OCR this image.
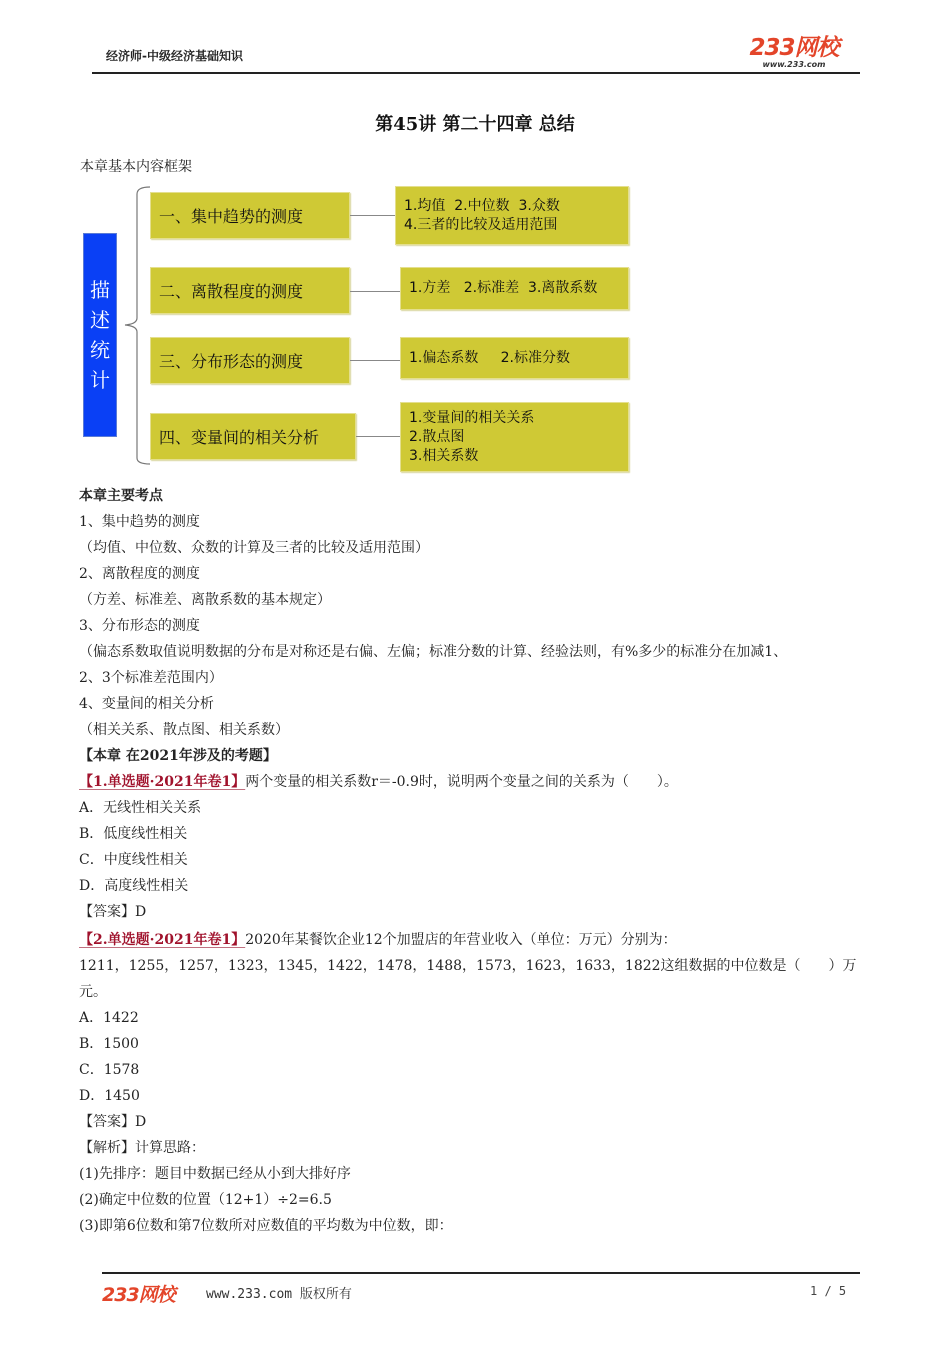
经济师-中级经济基础知识	233网校
www.233.com
第45讲 第二十四章 总结
本章基本内容框架
描
述
统
计
一、集中趋势的测度
1.均值  2.中位数  3.众数
4.三者的比较及适用范围
二、离散程度的测度	1.方差   2.标准差  3.离散系数
三、分布形态的测度	1.偏态系数     2.标准分数
四、变量间的相关分析
1.变量间的相关关系
2.散点图
3.相关系数
本章主要考点
1、集中趋势的测度
（均值、中位数、众数的计算及三者的比较及适用范围）
2、离散程度的测度
（方差、标准差、离散系数的基本规定）
3、分布形态的测度
（偏态系数取值说明数据的分布是对称还是右偏、左偏；标准分数的计算、经验法则，有%多少的标准分在加减1、
2、3个标准差范围内）
4、变量间的相关分析
（相关关系、散点图、相关系数）
【本章 在2021年涉及的考题】
【1.单选题·2021年卷1】两个变量的相关系数r＝-0.9时，说明两个变量之间的关系为（　　）。
A．无线性相关关系
B．低度线性相关
C．中度线性相关
D．高度线性相关
【答案】D
【2.单选题·2021年卷1】2020年某餐饮企业12个加盟店的年营业收入（单位：万元）分别为：
1211，1255，1257，1323，1345，1422，1478，1488，1573，1623，1633，1822这组数据的中位数是（　　）万
元。
A．1422
B．1500
C．1578
D．1450
【答案】D
【解析】计算思路：
(1)先排序：题目中数据已经从小到大排好序
(2)确定中位数的位置（12+1）÷2=6.5
(3)即第6位数和第7位数所对应数值的平均数为中位数，即：
233网校 www.233.com 版权所有	1 / 5
